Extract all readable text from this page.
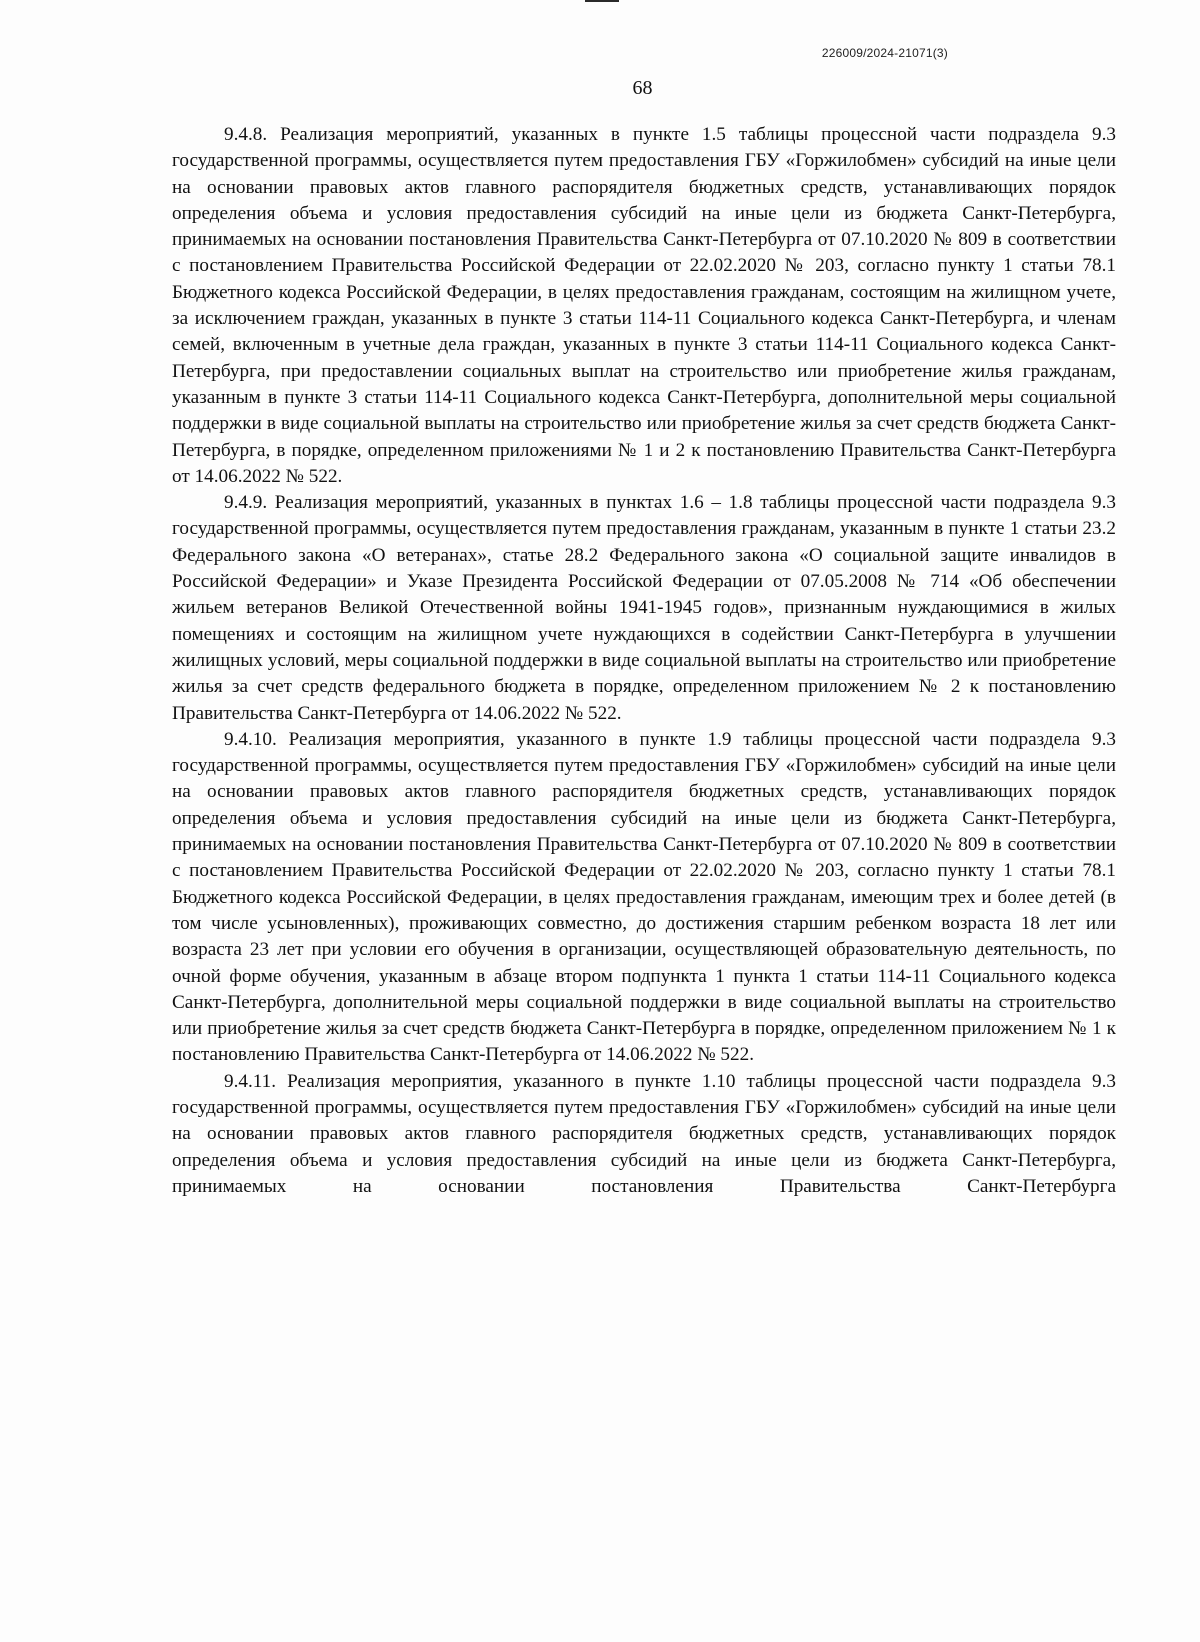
226009/2024-21071(3)
68

9.4.8. Реализация мероприятий, указанных в пункте 1.5 таблицы процессной части подраздела 9.3 государственной программы, осуществляется путем предоставления ГБУ «Горжилобмен» субсидий на иные цели на основании правовых актов главного распорядителя бюджетных средств, устанавливающих порядок определения объема и условия предоставления субсидий на иные цели из бюджета Санкт-Петербурга, принимаемых на основании постановления Правительства Санкт-Петербурга от 07.10.2020 № 809 в соответствии с постановлением Правительства Российской Федерации от 22.02.2020 № 203, согласно пункту 1 статьи 78.1 Бюджетного кодекса Российской Федерации, в целях предоставления гражданам, состоящим на жилищном учете, за исключением граждан, указанных в пункте 3 статьи 114-11 Социального кодекса Санкт-Петербурга, и членам семей, включенным в учетные дела граждан, указанных в пункте 3 статьи 114-11 Социального кодекса Санкт-Петербурга, при предоставлении социальных выплат на строительство или приобретение жилья гражданам, указанным в пункте 3 статьи 114-11 Социального кодекса Санкт-Петербурга, дополнительной меры социальной поддержки в виде социальной выплаты на строительство или приобретение жилья за счет средств бюджета Санкт-Петербурга, в порядке, определенном приложениями № 1 и 2 к постановлению Правительства Санкт-Петербурга от 14.06.2022 № 522.

9.4.9. Реализация мероприятий, указанных в пунктах 1.6 – 1.8 таблицы процессной части подраздела 9.3 государственной программы, осуществляется путем предоставления гражданам, указанным в пункте 1 статьи 23.2 Федерального закона «О ветеранах», статье 28.2 Федерального закона «О социальной защите инвалидов в Российской Федерации» и Указе Президента Российской Федерации от 07.05.2008 № 714 «Об обеспечении жильем ветеранов Великой Отечественной войны 1941-1945 годов», признанным нуждающимися в жилых помещениях и состоящим на жилищном учете нуждающихся в содействии Санкт-Петербурга в улучшении жилищных условий, меры социальной поддержки в виде социальной выплаты на строительство или приобретение жилья за счет средств федерального бюджета в порядке, определенном приложением № 2 к постановлению Правительства Санкт-Петербурга от 14.06.2022 № 522.

9.4.10. Реализация мероприятия, указанного в пункте 1.9 таблицы процессной части подраздела 9.3 государственной программы, осуществляется путем предоставления ГБУ «Горжилобмен» субсидий на иные цели на основании правовых актов главного распорядителя бюджетных средств, устанавливающих порядок определения объема и условия предоставления субсидий на иные цели из бюджета Санкт-Петербурга, принимаемых на основании постановления Правительства Санкт-Петербурга от 07.10.2020 № 809 в соответствии с постановлением Правительства Российской Федерации от 22.02.2020 № 203, согласно пункту 1 статьи 78.1 Бюджетного кодекса Российской Федерации, в целях предоставления гражданам, имеющим трех и более детей (в том числе усыновленных), проживающих совместно, до достижения старшим ребенком возраста 18 лет или возраста 23 лет при условии его обучения в организации, осуществляющей образовательную деятельность, по очной форме обучения, указанным в абзаце втором подпункта 1 пункта 1 статьи 114-11 Социального кодекса Санкт-Петербурга, дополнительной меры социальной поддержки в виде социальной выплаты на строительство или приобретение жилья за счет средств бюджета Санкт-Петербурга в порядке, определенном приложением № 1 к постановлению Правительства Санкт-Петербурга от 14.06.2022 № 522.

9.4.11. Реализация мероприятия, указанного в пункте 1.10 таблицы процессной части подраздела 9.3 государственной программы, осуществляется путем предоставления ГБУ «Горжилобмен» субсидий на иные цели на основании правовых актов главного распорядителя бюджетных средств, устанавливающих порядок определения объема и условия предоставления субсидий на иные цели из бюджета Санкт-Петербурга, принимаемых на основании постановления Правительства Санкт-Петербурга
